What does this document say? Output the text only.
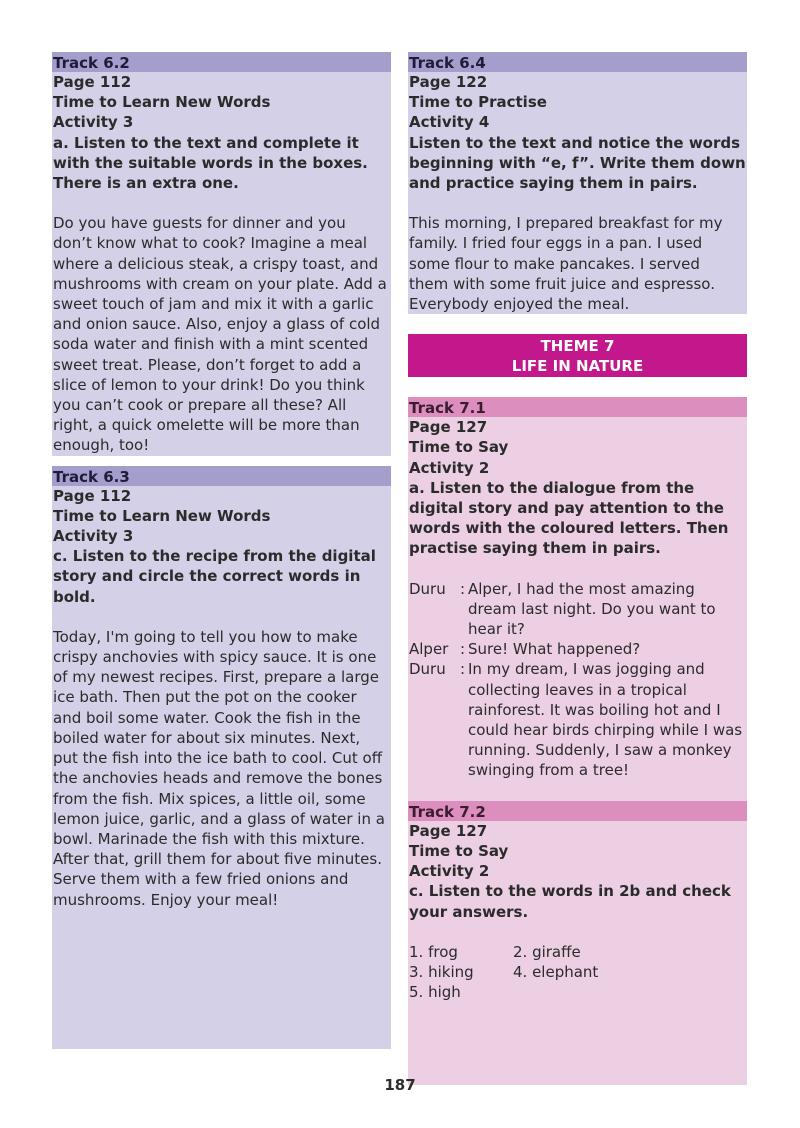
Track 6.2
Page 112
Time to Learn New Words
Activity 3
a. Listen to the text and complete it with the suitable words in the boxes. There is an extra one.
Do you have guests for dinner and you don’t know what to cook? Imagine a meal where a delicious steak, a crispy toast, and mushrooms with cream on your plate. Add a sweet touch of jam and mix it with a garlic and onion sauce. Also, enjoy a glass of cold soda water and finish with a mint scented sweet treat. Please, don’t forget to add a slice of lemon to your drink! Do you think you can’t cook or prepare all these? All right, a quick omelette will be more than enough, too!
Track 6.3
Page 112
Time to Learn New Words
Activity 3
c. Listen to the recipe from the digital story and circle the correct words in bold.
Today, I'm going to tell you how to make crispy anchovies with spicy sauce. It is one of my newest recipes. First, prepare a large ice bath. Then put the pot on the cooker and boil some water. Cook the fish in the boiled water for about six minutes. Next, put the fish into the ice bath to cool. Cut off the anchovies heads and remove the bones from the fish. Mix spices, a little oil, some lemon juice, garlic, and a glass of water in a bowl. Marinade the fish with this mixture. After that, grill them for about five minutes. Serve them with a few fried onions and mushrooms. Enjoy your meal!
Track 6.4
Page 122
Time to Practise
Activity 4
Listen to the text and notice the words beginning with “e, f”. Write them down and practice saying them in pairs.
This morning, I prepared breakfast for my family. I fried four eggs in a pan. I used some flour to make pancakes. I served them with some fruit juice and espresso. Everybody enjoyed the meal.
THEME 7
LIFE IN NATURE
Track 7.1
Page 127
Time to Say
Activity 2
a. Listen to the dialogue from the digital story and pay attention to the words with the coloured letters. Then practise saying them in pairs.
Duru : Alper, I had the most amazing dream last night. Do you want to hear it?
Alper : Sure! What happened?
Duru : In my dream, I was jogging and collecting leaves in a tropical rainforest. It was boiling hot and I could hear birds chirping while I was running. Suddenly, I saw a monkey swinging from a tree!
Track 7.2
Page 127
Time to Say
Activity 2
c. Listen to the words in 2b and check your answers.
1. frog	2. giraffe
3. hiking	4. elephant
5. high
187
